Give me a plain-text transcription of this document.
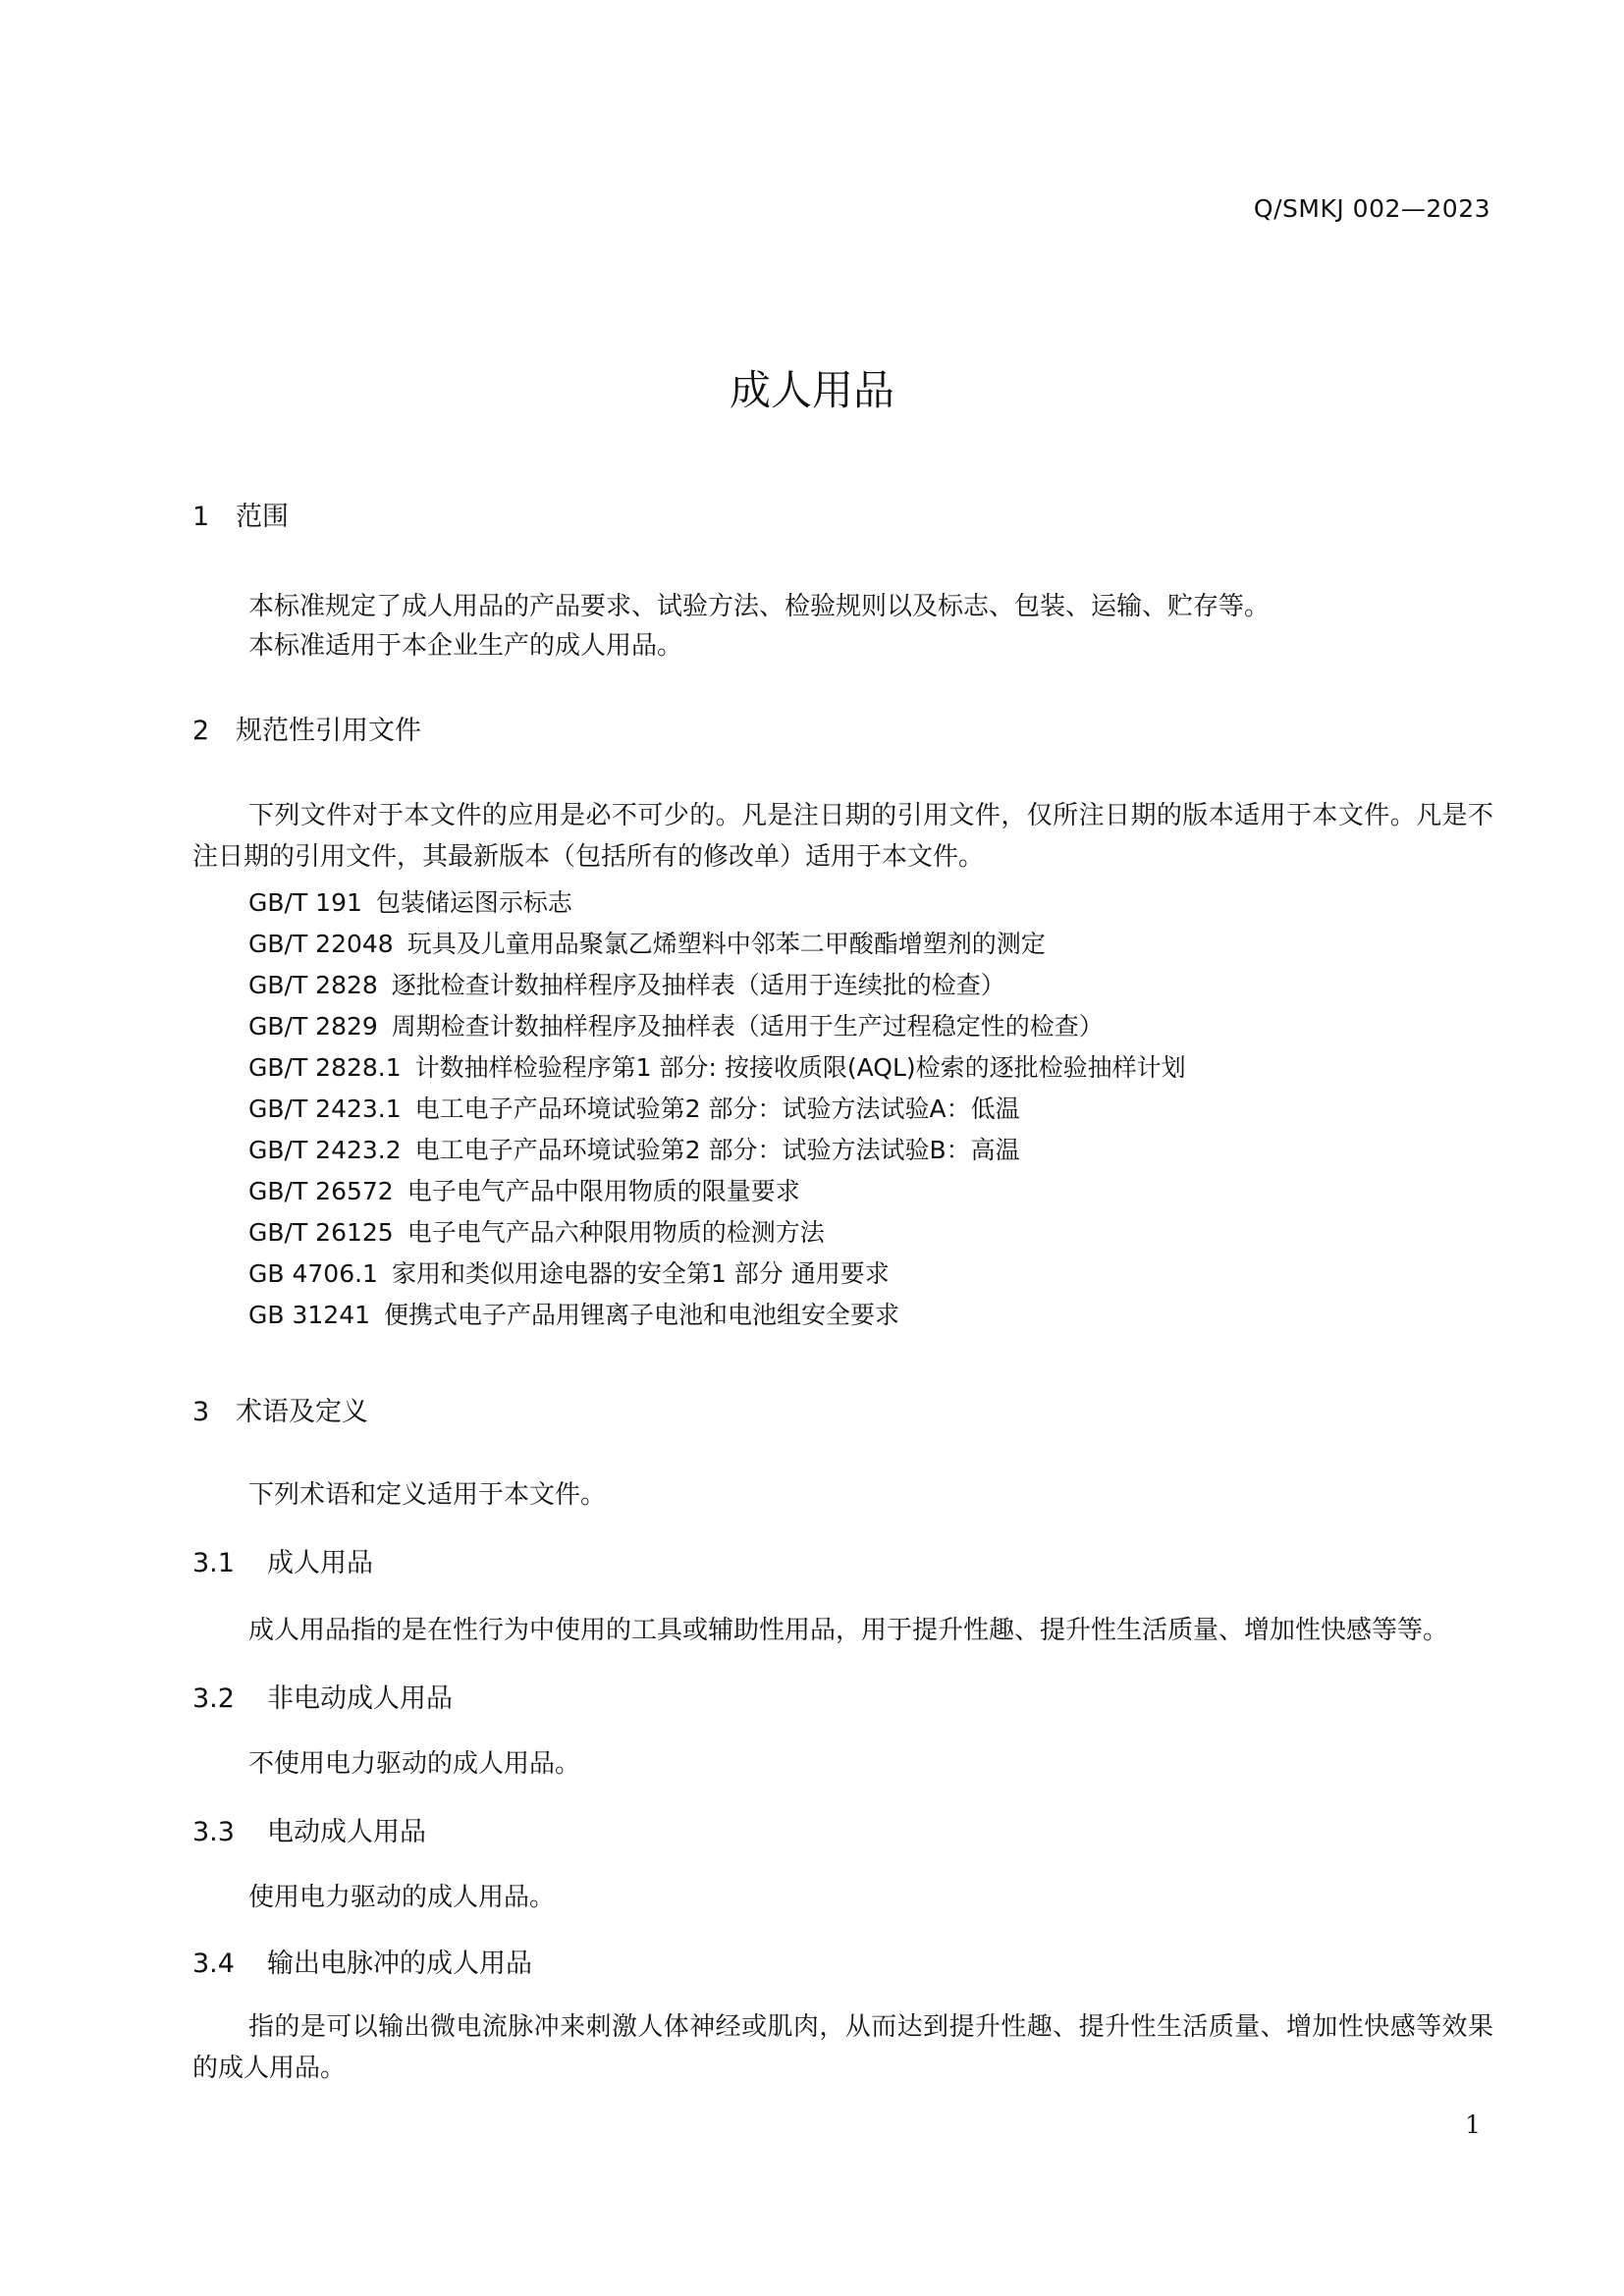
Q/SMKJ 002—2023
成人用品
1 范围
本标准规定了成人用品的产品要求、试验方法、检验规则以及标志、包装、运输、贮存等。
本标准适用于本企业生产的成人用品。
2 规范性引用文件
下列文件对于本文件的应用是必不可少的。凡是注日期的引用文件，仅所注日期的版本适用于本文件。凡是不注日期的引用文件，其最新版本（包括所有的修改单）适用于本文件。
GB/T 191 包装储运图示标志
GB/T 22048 玩具及儿童用品聚氯乙烯塑料中邻苯二甲酸酯增塑剂的测定
GB/T 2828 逐批检查计数抽样程序及抽样表（适用于连续批的检查）
GB/T 2829 周期检查计数抽样程序及抽样表（适用于生产过程稳定性的检查）
GB/T 2828.1 计数抽样检验程序第1 部分: 按接收质限(AQL)检索的逐批检验抽样计划
GB/T 2423.1 电工电子产品环境试验第2 部分：试验方法试验A：低温
GB/T 2423.2 电工电子产品环境试验第2 部分：试验方法试验B：高温
GB/T 26572 电子电气产品中限用物质的限量要求
GB/T 26125 电子电气产品六种限用物质的检测方法
GB 4706.1 家用和类似用途电器的安全第1 部分 通用要求
GB 31241 便携式电子产品用锂离子电池和电池组安全要求
3 术语及定义
下列术语和定义适用于本文件。
3.1 成人用品
成人用品指的是在性行为中使用的工具或辅助性用品，用于提升性趣、提升性生活质量、增加性快感等等。
3.2 非电动成人用品
不使用电力驱动的成人用品。
3.3 电动成人用品
使用电力驱动的成人用品。
3.4 输出电脉冲的成人用品
指的是可以输出微电流脉冲来刺激人体神经或肌肉，从而达到提升性趣、提升性生活质量、增加性快感等效果的成人用品。
1
